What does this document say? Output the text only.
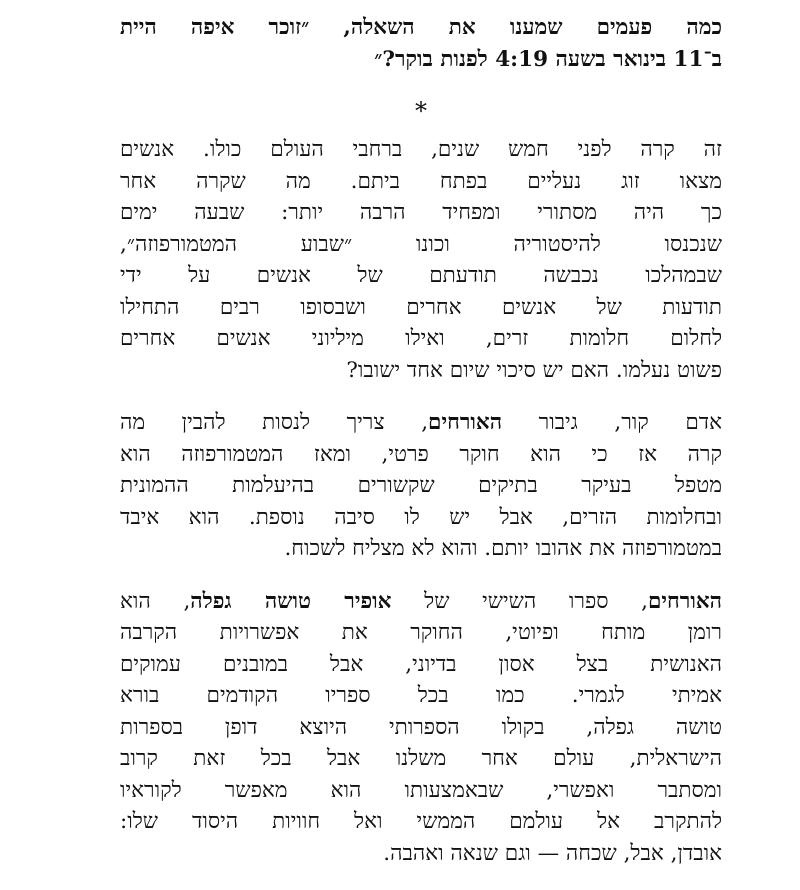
כמה פעמים שמענו את השאלה, ״זוכר איפה היית
ב־11 בינואר בשעה 4:19 לפנות בוקר?״
*
זה קרה לפני חמש שנים, ברחבי העולם כולו. אנשים
מצאו זוג נעליים בפתח ביתם. מה שקרה אחר
כך היה מסתורי ומפחיד הרבה יותר: שבעה ימים
שנכנסו להיסטוריה וכונו ״שבוע המטמורפוזה״,
שבמהלכו נכבשה תודעתם של אנשים על ידי
תודעות של אנשים אחרים ושבסופו רבים התחילו
לחלום חלומות זרים, ואילו מיליוני אנשים אחרים
פשוט נעלמו. האם יש סיכוי שיום אחד ישובו?
אדם קור, גיבור האורחים, צריך לנסות להבין מה
קרה אז כי הוא חוקר פרטי, ומאז המטמורפוזה הוא
מטפל בעיקר בתיקים שקשורים בהיעלמות ההמונית
ובחלומות הזרים, אבל יש לו סיבה נוספת. הוא איבד
במטמורפוזה את אהובו יותם. והוא לא מצליח לשכוח.
האורחים, ספרו השישי של אופיר טושה גפלה, הוא
רומן מותח ופיוטי, החוקר את אפשרויות הקרבה
האנושית בצל אסון בדיוני, אבל במובנים עמוקים
אמיתי לגמרי. כמו בכל ספריו הקודמים בורא
טושה גפלה, בקולו הספרותי היוצא דופן בספרות
הישראלית, עולם אחר משלנו אבל בכל זאת קרוב
ומסתבר ואפשרי, שבאמצעותו הוא מאפשר לקוראיו
להתקרב אל עולמם הממשי ואל חוויות היסוד שלו:
אובדן, אבל, שכחה — וגם שנאה ואהבה.
